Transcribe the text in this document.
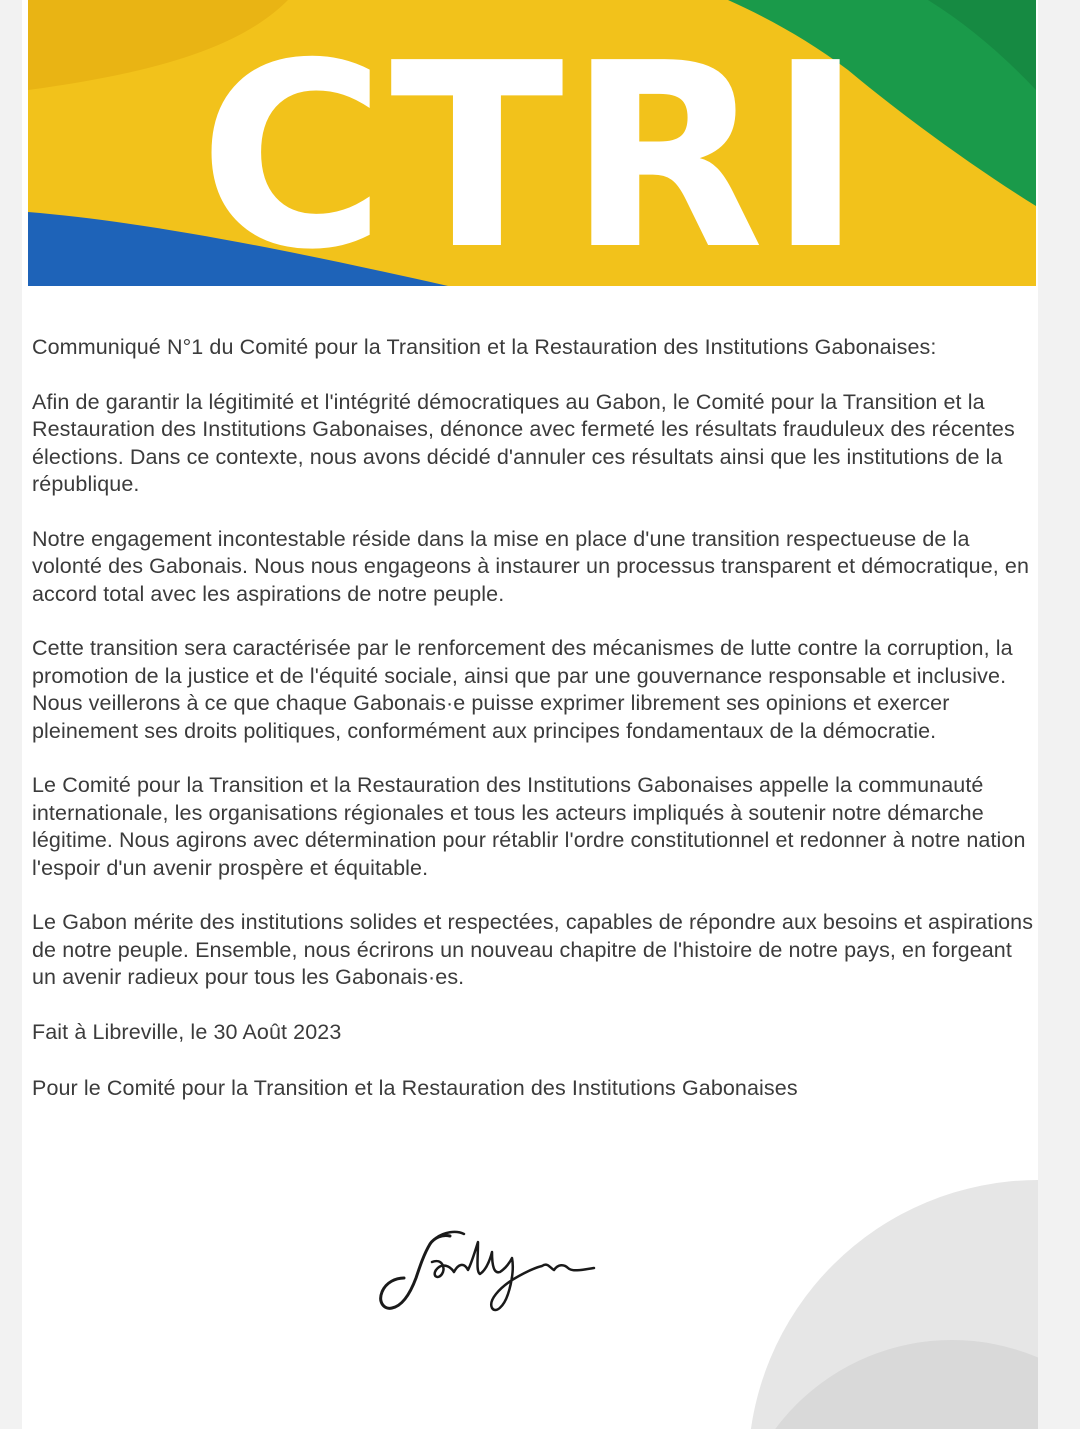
CTRI

Communiqué N°1 du Comité pour la Transition et la Restauration des Institutions Gabonaises:

Afin de garantir la légitimité et l'intégrité démocratiques au Gabon, le Comité pour la Transition et la Restauration des Institutions Gabonaises, dénonce avec fermeté les résultats frauduleux des récentes élections. Dans ce contexte, nous avons décidé d'annuler ces résultats ainsi que les institutions de la république.

Notre engagement incontestable réside dans la mise en place d'une transition respectueuse de la volonté des Gabonais. Nous nous engageons à instaurer un processus transparent et démocratique, en accord total avec les aspirations de notre peuple.

Cette transition sera caractérisée par le renforcement des mécanismes de lutte contre la corruption, la promotion de la justice et de l'équité sociale, ainsi que par une gouvernance responsable et inclusive. Nous veillerons à ce que chaque Gabonais·e puisse exprimer librement ses opinions et exercer pleinement ses droits politiques, conformément aux principes fondamentaux de la démocratie.

Le Comité pour la Transition et la Restauration des Institutions Gabonaises appelle la communauté internationale, les organisations régionales et tous les acteurs impliqués à soutenir notre démarche légitime. Nous agirons avec détermination pour rétablir l'ordre constitutionnel et redonner à notre nation l'espoir d'un avenir prospère et équitable.

Le Gabon mérite des institutions solides et respectées, capables de répondre aux besoins et aspirations de notre peuple. Ensemble, nous écrirons un nouveau chapitre de l'histoire de notre pays, en forgeant un avenir radieux pour tous les Gabonais·es.

Fait à Libreville, le 30 Août 2023

Pour le Comité pour la Transition et la Restauration des Institutions Gabonaises
